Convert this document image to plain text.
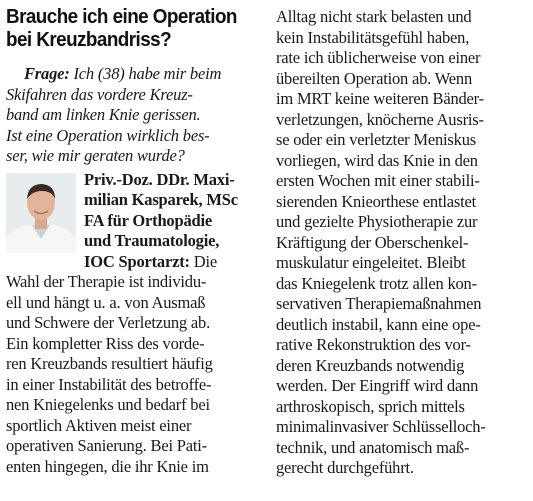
Brauche ich eine Operation
bei Kreuzbandriss?
Frage: Ich (38) habe mir beim
Skifahren das vordere Kreuz-
band am linken Knie gerissen.
Ist eine Operation wirklich bes-
ser, wie mir geraten wurde?
Priv.-Doz. DDr. Maxi-
milian Kasparek, MSc
FA für Orthopädie
und Traumatologie,
IOC Sportarzt: Die
Wahl der Therapie ist individu-
ell und hängt u. a. von Ausmaß
und Schwere der Verletzung ab.
Ein kompletter Riss des vorde-
ren Kreuzbands resultiert häufig
in einer Instabilität des betroffe-
nen Kniegelenks und bedarf bei
sportlich Aktiven meist einer
operativen Sanierung. Bei Pati-
enten hingegen, die ihr Knie im
Alltag nicht stark belasten und
kein Instabilitätsgefühl haben,
rate ich üblicherweise von einer
übereilten Operation ab. Wenn
im MRT keine weiteren Bänder-
verletzungen, knöcherne Ausris-
se oder ein verletzter Meniskus
vorliegen, wird das Knie in den
ersten Wochen mit einer stabili-
sierenden Knieorthese entlastet
und gezielte Physiotherapie zur
Kräftigung der Oberschenkel-
muskulatur eingeleitet. Bleibt
das Kniegelenk trotz allen kon-
servativen Therapiemaßnahmen
deutlich instabil, kann eine ope-
rative Rekonstruktion des vor-
deren Kreuzbands notwendig
werden. Der Eingriff wird dann
arthroskopisch, sprich mittels
minimalinvasiver Schlüsselloch-
technik, und anatomisch maß-
gerecht durchgeführt.
